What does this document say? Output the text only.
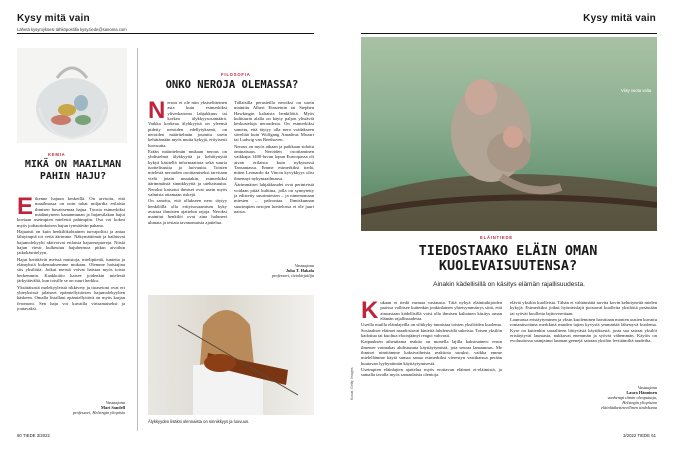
Kysy mitä vain
Lähetä kysymyksesi tähköpostilla kysy.tiede@sanoma.com
Kysy mitä vain
KEMIA
MIKÄ ON MAAILMAN PAHIN HAJU?

Eikenne hajuun keskeillä. On arvioitu, että maailmassa on noin tuhat miljardia erilaista ihmisen havaitsemaa hajua. Tuosta esimerkiksi mädäntyneen kananmunan ja hajaesilakan hajut koetaan useimpien mielestä pahimpiin. Osa voi kokea myös jodiaurinkoisen hajun tyrmäävän pahana.

Hajuaisti on kuin henkilökohtainen turvapoliisi ja antaa lähtyimpiä toi vettä äärimme. Näkymättömät ja haihtuvat hajumolekyylit aktivoivat erilaisia hajureseptoreja. Niistä hajun viesti kulkeutuu hajuhermoa pitkin aivoihin jatkokäsittelyyn.

Hajut herättävät meissä muistoja, mielipiteitä, tunteita ja elämyksiä kokemuksemme mukaan. Olemme haistajina siis yksilöitä. Jotkut meistä voivat haistaa myös toisia herkemmin. Kaakkoitto haisee joidenkin mielestä järkyttävältä, kun toisille se on suuri herkku.

Yksittäisistä molekyyleistä rikkivety ja tioasetoni ovat eri yhteyksissä jalaiseet epämiellyttävien hajumolekyylien käskeen. Omalla listallani epämiellyttävä on myös karjan feromoni. Sen haju voi kuvailla virtsamaiseksi ja joutavaksi.

Vastaajana
Mari Sandell
professori, Helsingin yliopisto
FILOSOFIA
ONKO NEROJA OLEMASSA?

Nerous ei ole niin yksiselitteinen asia kuin esimerkiksi yliverkaisena lahjakkuus tai korkea älykkyysosamäärä. Vaikka korkeaa älykkyyttä on yleensä pidetty neroiden edellytyksenä, on neroiden määritelmän joututtu usein kehittämään myös muita kykyjä, erityisesti luovuutta.

Erään määritelmän mukaan nerous on yhdistelmä älykkyyttä ja kehittynyttä kykyä käsitellä informaatiota sekä suurta tuottelisuutta ja luovuutta. Toisten mielestä nerouden osoittamiseksi tarvitaan vielä jotain muutakin, esimerkiksi äärimmäistä sinnikkyyttä ja uteliaisuutta. Neroksi katsotut ihmiset ovat usein myös valmista ottamaan riskejä.

On sanottu, että ollakseen nero täytyy henkilöllä olla erityisosaamisen kyky avartaa ihmisten ajattelun rajoja. Neroksi mainitut henkilöt ovat aina haluneet uhmata ja testata tavanomaista ajattelua.

Tällaisilla perusteilla neroiksi on usein mainittu Albert Einsteinin tai Stephen Hawkingin kaltaisia henkilöitä. Myös kulttuurin alalla on käyty paljon ylistäviä keskusteluja neroudesta. On esimerkiksi sanottu, että täytyy olla nero voidakseen säveltää kuin Wolfgang Amadeus Mozart tai Ludwig van Beethoven.

Nerous on myös aikaan ja paikkaan sidottu ominaisuus. Neroiden osoittaminen vaikkapa 1400-luvun lopun Euroopassa oli aivan erilaista kuin nykyisessä Tansaniassa. Emme esimerkiksi tiedä, miten Leonardo da Vincin kyvykkyys olisi ilmennyt nykymaailmassa.

Äärimmäiset lahjakkuudet ovat perinteistä voidaan pitää kulttina, jolla on synnytetty ja edistetty suurimiesten – ja nimenomaan miesten – palvontaa. Ihmiskunnan suurimpien nerojen luettelossa ei ole juuri naisia.

Vastaajana
Juha T. Hakala
professori, tietokirjailija
Älykkyyden lisäksi olennaista on sinnikkyys ja luovuus.
60 TIEDE 3/2022
Viisy vuota valta
Kuvat: Getty Images
ELÄINTIEDE
TIEDOSTAAKO ELÄIN OMAN KUOLEVAISUUTENSA?
Ainakin kädellisillä on käsitys elämän rajallisuudesta.

Kukaan ei tiedä varmaa vastausta. Tätä nykyä eläintutkijoiden parissa vallitsee kuitenkin jonkinlainen yhteisymmärrys siitä, että ainoastaan kädellisillä voisi olla ihmisen kaltainen käsitys oman elämän rajallisuudesta.

Useilla muilla eläinlajeilla on siltikyky tunnistaa toisten yksilöiden kuolema. Sosiaaliset eläimet maadostavat kinteitä luhdenväilä sukeista. Toisen yksilön kadottua tai kuoltua eloonjäänyt reagoi vahvasti.

Kaipauksen aiheuttama reaktio on monella lajilla kaksinainen: ensin ilmenee voimakas ahdistunuta käyttäytymistä, jota seuraa lamaannus. Me ihmiset nimitämme kaksivaiheista reaktiota suruksi, vaikka emme mielellämme käytä samaa sanaa esimerkiksi vierestyn vastikaisua perään huutavan lyyhyntimän käyttäytymisestä.

Useimpien eläinlajien ajattelua myös erottavan eläimet ei-eläimistä, ja samalla tavalla myös samanlaisia olentoja.

eläviä yksilön kuolleista. Tähän ei välttämättä tarvita kovin kehittyneitä mielen kykyjä. Esimerkiksi jotkut hyönteislajit poistavat kuolleita yksilöitä pesästään tai syövät kuolleita lajitovereitaan.

Laumassa eristäytyminen ja yksin kuoleminen havaitaan monien uusien kuvattu romantisoituna merkkinä muiden tajien kyvystä ymmärtää lähestyvä kuolema. Kyse on kuitenkin saraaliteen liittyvästä käytöksestä, josta saa sairaat yksilöt eristäytyvät laumasta, nukkuvat enemmän ja syövät vähemmän. Käytös on evoluutiossa saanjainut lauman geenejä sairaan yksilön levittämiltä taudeilta.

Vastaajana
Laura Hänninen
vanhempi tiimin oleoputtaja,
Helsingin yliopiston
eläinlääketieteellinen tiedekunta
3/2022 TIEDE 61
